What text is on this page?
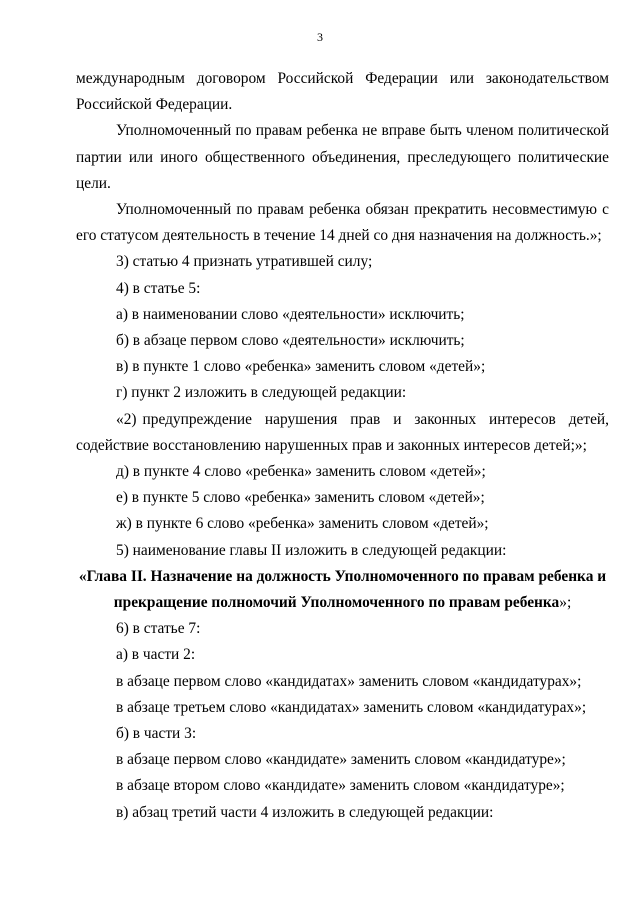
3

международным договором Российской Федерации или законодательством Российской Федерации.

Уполномоченный по правам ребенка не вправе быть членом политической партии или иного общественного объединения, преследующего политические цели.

Уполномоченный по правам ребенка обязан прекратить несовместимую с его статусом деятельность в течение 14 дней со дня назначения на должность.»;

3) статью 4 признать утратившей силу;

4) в статье 5:

а) в наименовании слово «деятельности» исключить;

б) в абзаце первом слово «деятельности» исключить;

в) в пункте 1 слово «ребенка» заменить словом «детей»;

г) пункт 2 изложить в следующей редакции:

«2) предупреждение нарушения прав и законных интересов детей, содействие восстановлению нарушенных прав и законных интересов детей;»;

д) в пункте 4 слово «ребенка» заменить словом «детей»;

е) в пункте 5 слово «ребенка» заменить словом «детей»;

ж) в пункте 6 слово «ребенка» заменить словом «детей»;

5) наименование главы II изложить в следующей редакции:

«Глава II. Назначение на должность Уполномоченного по правам ребенка и прекращение полномочий Уполномоченного по правам ребенка»;

6) в статье 7:

а) в части 2:

в абзаце первом слово «кандидатах» заменить словом «кандидатурах»;

в абзаце третьем слово «кандидатах» заменить словом «кандидатурах»;

б) в части 3:

в абзаце первом слово «кандидате» заменить словом «кандидатуре»;

в абзаце втором слово «кандидате» заменить словом «кандидатуре»;

в) абзац третий части 4 изложить в следующей редакции:
